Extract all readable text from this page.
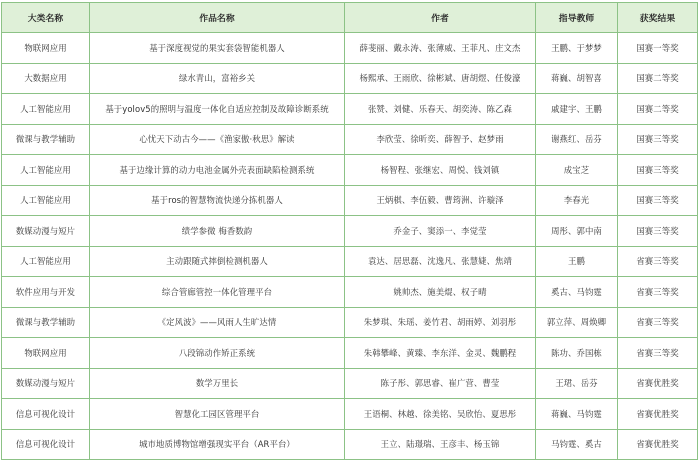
大类名称	作品名称	作者	指导教师	获奖结果
物联网应用	基于深度视觉的果实套袋智能机器人	薛斐丽、戴永涛、张薄威、王菲凡、庄文杰	王鹏、于梦梦	国赛一等奖
大数据应用	绿水青山，富裕乡关	杨熙承、王雨欣、徐彬斌、唐胡煜、任俊濠	蒋巍、胡智喜	国赛二等奖
人工智能应用	基于yolov5的照明与温度一体化自适应控制及故障诊断系统	张赞、刘健、乐春天、胡奕涛、陈乙森	戚建宇、王鹏	国赛二等奖
微课与教学辅助	心忧天下动古今——《渔家傲·秋思》解读	李欣莹、徐昕奕、薛智予、赵梦雨	谢燕红、岳芬	国赛三等奖
人工智能应用	基于边缘计算的动力电池金属外壳表面缺陷检测系统	杨智程、张继宏、周悦、钱刘镇	成宝芝	国赛三等奖
人工智能应用	基于ros的智慧物流快递分拣机器人	王炳棋、李伍毅、曹筠洲、许璇泽	李春光	国赛三等奖
数媒动漫与短片	绩学参微 梅香数韵	乔金子、窦添一、李觉莹	周彤、郭中南	国赛三等奖
人工智能应用	主动跟随式摔倒检测机器人	袁达、居思磊、沈逸凡、张慧婕、焦靖	王鹏	省赛三等奖
软件应用与开发	综合管廊管控一体化管理平台	姚帅杰、施美焜、权子晴	奚古、马钧霆	省赛三等奖
微课与教学辅助	《定风波》——风雨人生旷达情	朱梦琪、朱瑶、姜竹君、胡雨婷、刘羽彤	郭立萍、周焕卿	省赛三等奖
物联网应用	八段锦动作矫正系统	朱韩攀峰、黄臻、李东洋、金灵、魏鹏程	陈功、乔国栋	省赛三等奖
数媒动漫与短片	数学万里长	陈子彤、郭思睿、崔广营、曹莹	王珺、岳芬	省赛优胜奖
信息可视化设计	智慧化工园区管理平台	王语桐、林越、徐美铭、吴欣怡、夏思彤	蒋巍、马钧霆	省赛优胜奖
信息可视化设计	城市地质博物馆增强现实平台（AR平台）	王立、陆璟瑞、王彦丰、杨玉锦	马钧霆、奚古	省赛优胜奖
